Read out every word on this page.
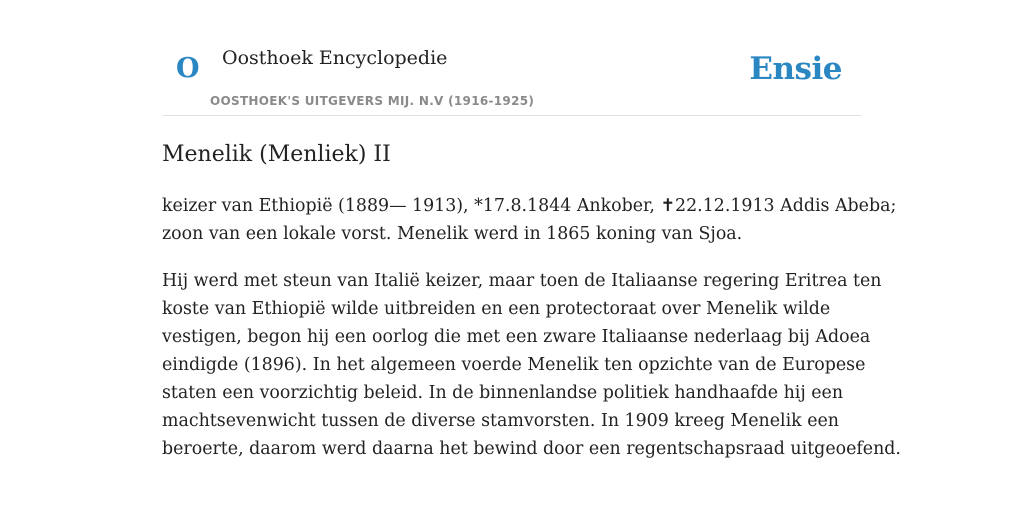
O Oosthoek Encyclopedie
OOSTHOEK'S UITGEVERS MIJ. N.V (1916-1925)
Ensie
Menelik (Menliek) II

keizer van Ethiopië (1889— 1913), *17.8.1844 Ankober, ✝22.12.1913 Addis Abeba;
zoon van een lokale vorst. Menelik werd in 1865 koning van Sjoa.

Hij werd met steun van Italië keizer, maar toen de Italiaanse regering Eritrea ten
koste van Ethiopië wilde uitbreiden en een protectoraat over Menelik wilde
vestigen, begon hij een oorlog die met een zware Italiaanse nederlaag bij Adoea
eindigde (1896). In het algemeen voerde Menelik ten opzichte van de Europese
staten een voorzichtig beleid. In de binnenlandse politiek handhaafde hij een
machtsevenwicht tussen de diverse stamvorsten. In 1909 kreeg Menelik een
beroerte, daarom werd daarna het bewind door een regentschapsraad uitgeoefend.
